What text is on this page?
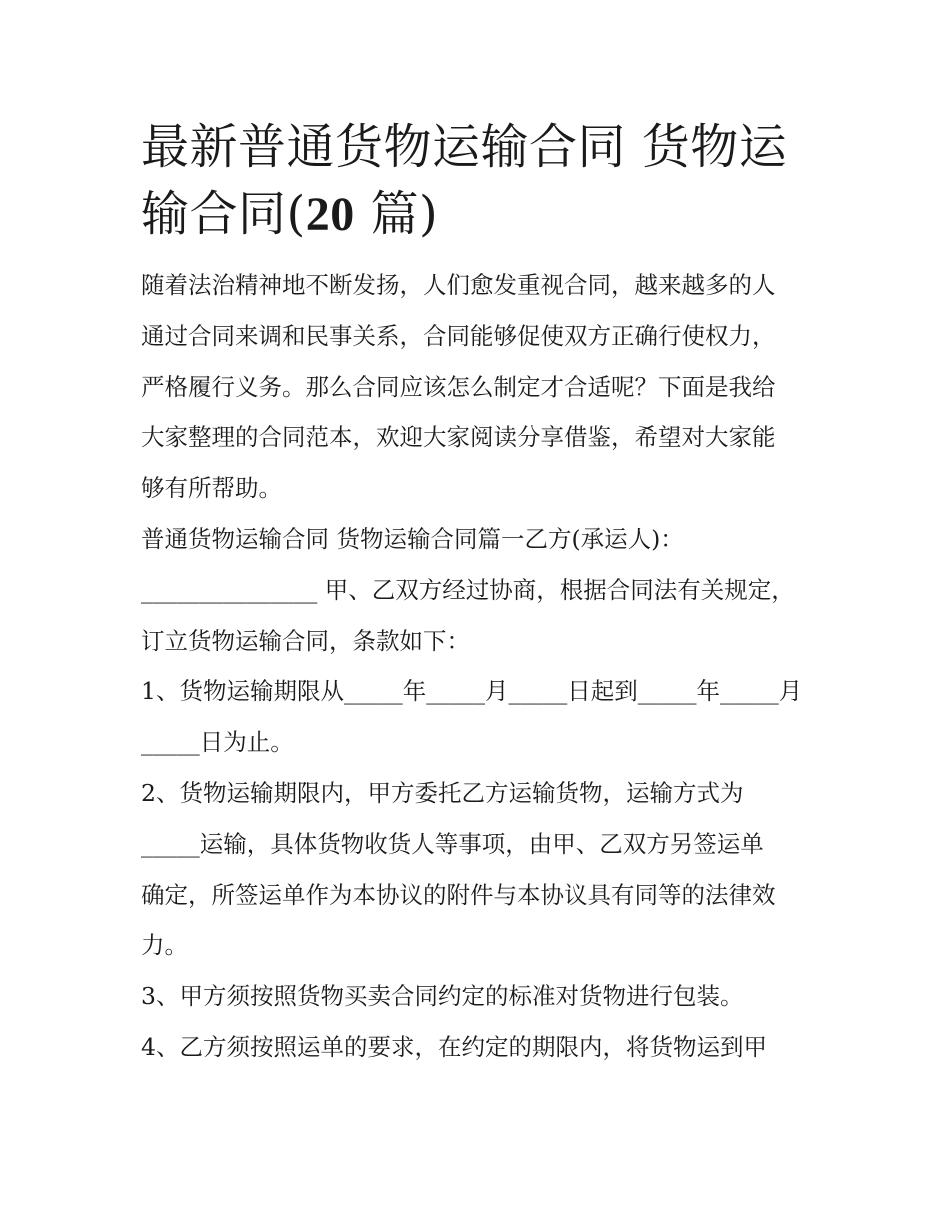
最新普通货物运输合同 货物运
输合同(20 篇)
随着法治精神地不断发扬，人们愈发重视合同，越来越多的人
通过合同来调和民事关系，合同能够促使双方正确行使权力，
严格履行义务。那么合同应该怎么制定才合适呢？下面是我给
大家整理的合同范本，欢迎大家阅读分享借鉴，希望对大家能
够有所帮助。
普通货物运输合同 货物运输合同篇一乙方(承运人)：
_______________ 甲、乙双方经过协商，根据合同法有关规定，
订立货物运输合同，条款如下：
1、货物运输期限从_____年_____月_____日起到_____年_____月
_____日为止。
2、货物运输期限内，甲方委托乙方运输货物，运输方式为
_____运输，具体货物收货人等事项，由甲、乙双方另签运单
确定，所签运单作为本协议的附件与本协议具有同等的法律效
力。
3、甲方须按照货物买卖合同约定的标准对货物进行包装。
4、乙方须按照运单的要求，在约定的期限内，将货物运到甲
